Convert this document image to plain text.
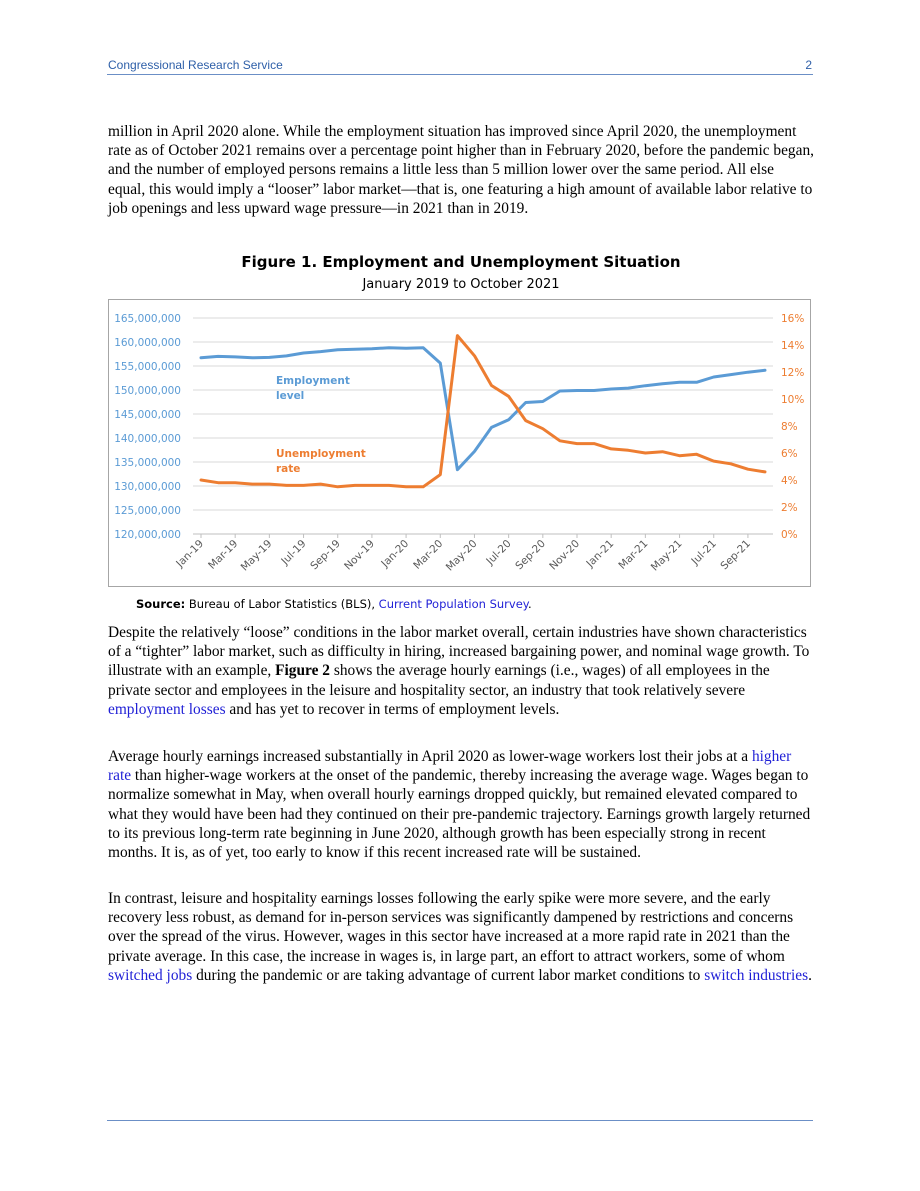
Congressional Research Service	2

million in April 2020 alone. While the employment situation has improved since April 2020, the unemployment rate as of October 2021 remains over a percentage point higher than in February 2020, before the pandemic began, and the number of employed persons remains a little less than 5 million lower over the same period. All else equal, this would imply a “looser” labor market—that is, one featuring a high amount of available labor relative to job openings and less upward wage pressure—in 2021 than in 2019.

Figure 1. Employment and Unemployment Situation
January 2019 to October 2021
120,000,000
125,000,000
130,000,000
135,000,000
140,000,000
145,000,000
150,000,000
155,000,000
160,000,000
165,000,000
0%
2%
4%
6%
8%
10%
12%
14%
16%
Jan-19 Mar-19
May-19 Jul-19 Sep-19 Nov-19 Jan-20 Mar-20
May-20 Jul-20 Sep-20 Nov-20 Jan-21 Mar-21
May-21 Jul-21 Sep-21
Employment
level
Unemployment
rate
Source: Bureau of Labor Statistics (BLS), Current Population Survey.

Despite the relatively “loose” conditions in the labor market overall, certain industries have shown characteristics of a “tighter” labor market, such as difficulty in hiring, increased bargaining power, and nominal wage growth. To illustrate with an example, Figure 2 shows the average hourly earnings (i.e., wages) of all employees in the private sector and employees in the leisure and hospitality sector, an industry that took relatively severe employment losses and has yet to recover in terms of employment levels.

Average hourly earnings increased substantially in April 2020 as lower-wage workers lost their jobs at a higher rate than higher-wage workers at the onset of the pandemic, thereby increasing the average wage. Wages began to normalize somewhat in May, when overall hourly earnings dropped quickly, but remained elevated compared to what they would have been had they continued on their pre-pandemic trajectory. Earnings growth largely returned to its previous long-term rate beginning in June 2020, although growth has been especially strong in recent months. It is, as of yet, too early to know if this recent increased rate will be sustained.

In contrast, leisure and hospitality earnings losses following the early spike were more severe, and the early recovery less robust, as demand for in-person services was significantly dampened by restrictions and concerns over the spread of the virus. However, wages in this sector have increased at a more rapid rate in 2021 than the private average. In this case, the increase in wages is, in large part, an effort to attract workers, some of whom switched jobs during the pandemic or are taking advantage of current labor market conditions to switch industries.
